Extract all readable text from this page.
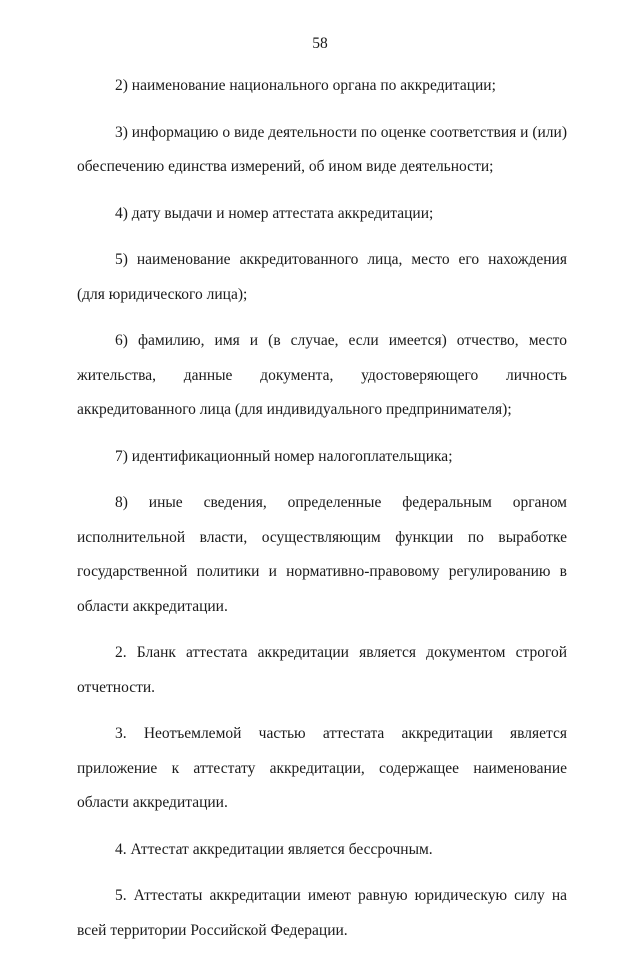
58

2) наименование национального органа по аккредитации;

3) информацию о виде деятельности по оценке соответствия и (или) обеспечению единства измерений, об ином виде деятельности;

4) дату выдачи и номер аттестата аккредитации;

5) наименование аккредитованного лица, место его нахождения (для юридического лица);

6) фамилию, имя и (в случае, если имеется) отчество, место жительства, данные документа, удостоверяющего личность аккредитованного лица (для индивидуального предпринимателя);

7) идентификационный номер налогоплательщика;

8) иные сведения, определенные федеральным органом исполнительной власти, осуществляющим функции по выработке государственной политики и нормативно-правовому регулированию в области аккредитации.

2. Бланк аттестата аккредитации является документом строгой отчетности.

3. Неотъемлемой частью аттестата аккредитации является приложение к аттестату аккредитации, содержащее наименование области аккредитации.

4. Аттестат аккредитации является бессрочным.

5. Аттестаты аккредитации имеют равную юридическую силу на всей территории Российской Федерации.
